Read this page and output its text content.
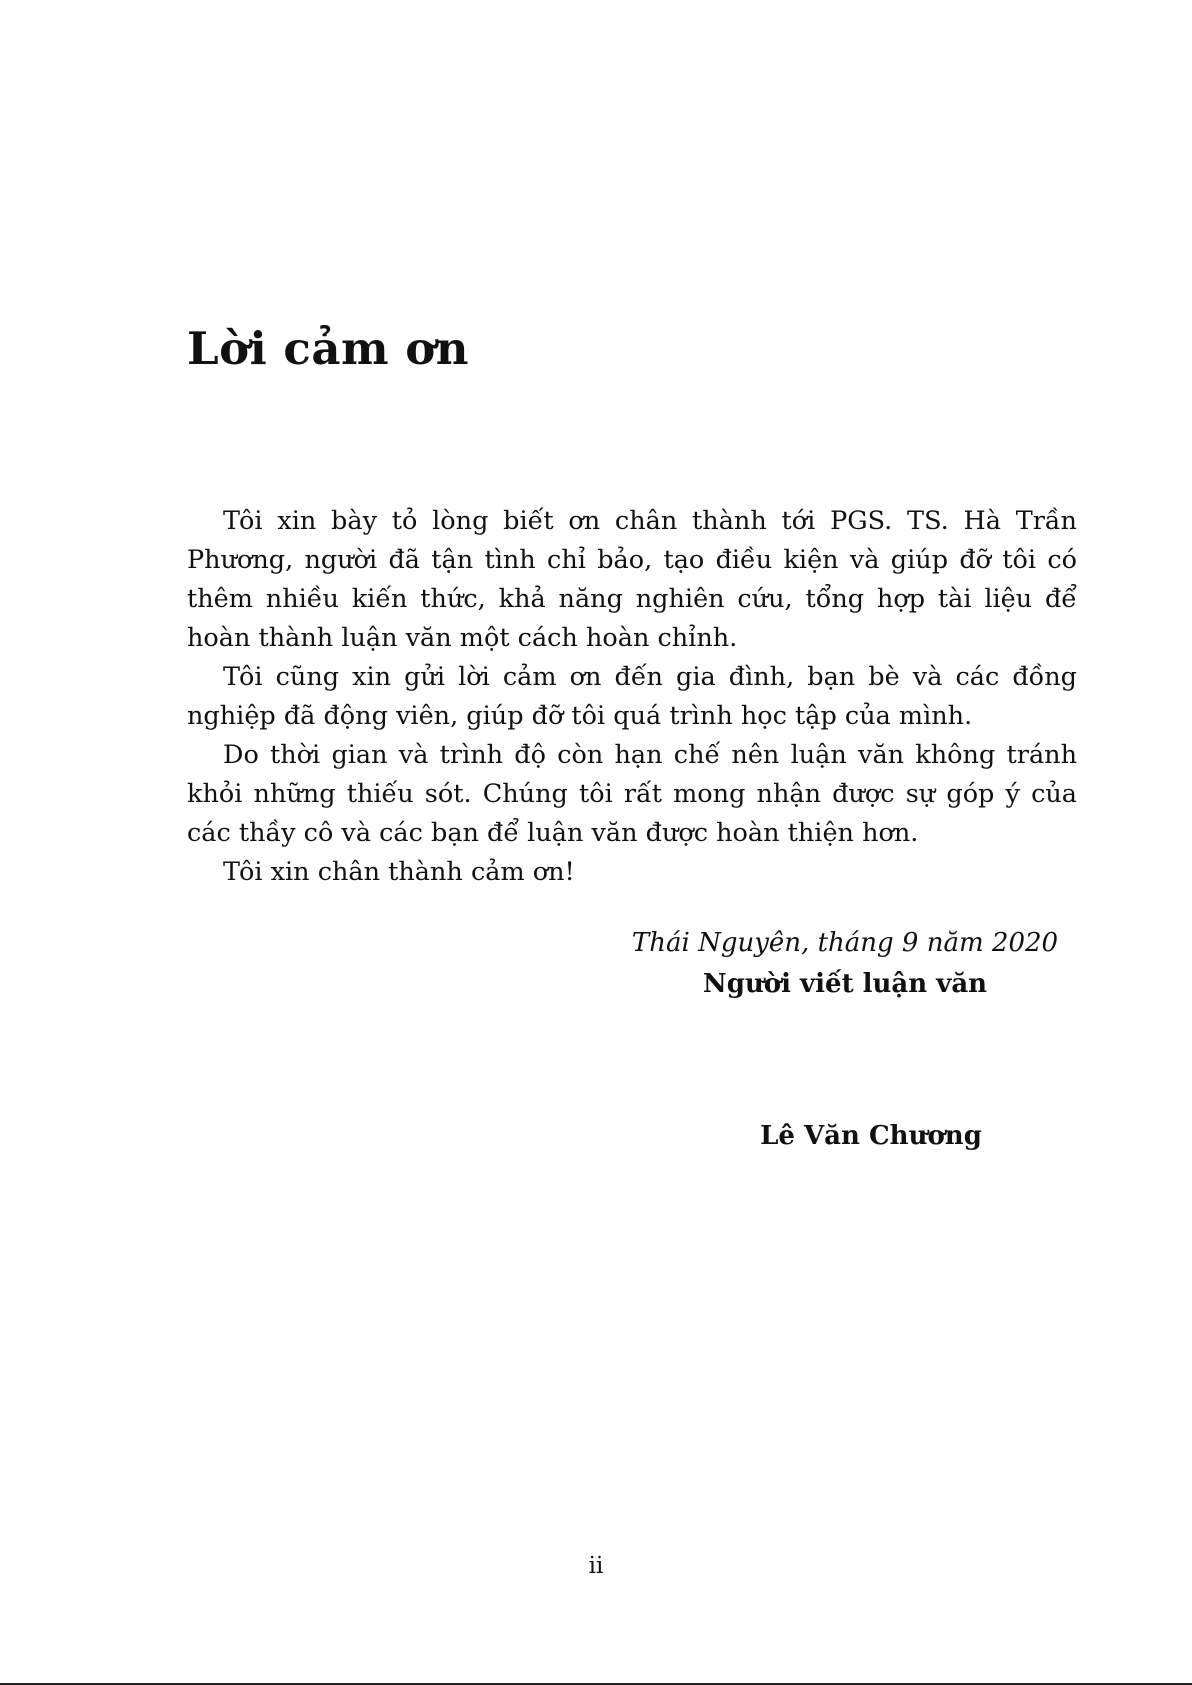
Lời cảm ơn

Tôi xin bày tỏ lòng biết ơn chân thành tới PGS. TS. Hà Trần Phương, người đã tận tình chỉ bảo, tạo điều kiện và giúp đỡ tôi có thêm nhiều kiến thức, khả năng nghiên cứu, tổng hợp tài liệu để hoàn thành luận văn một cách hoàn chỉnh.

Tôi cũng xin gửi lời cảm ơn đến gia đình, bạn bè và các đồng nghiệp đã động viên, giúp đỡ tôi quá trình học tập của mình.

Do thời gian và trình độ còn hạn chế nên luận văn không tránh khỏi những thiếu sót. Chúng tôi rất mong nhận được sự góp ý của các thầy cô và các bạn để luận văn được hoàn thiện hơn.

Tôi xin chân thành cảm ơn!

Thái Nguyên, tháng 9 năm 2020
Người viết luận văn
Lê Văn Chương
ii
